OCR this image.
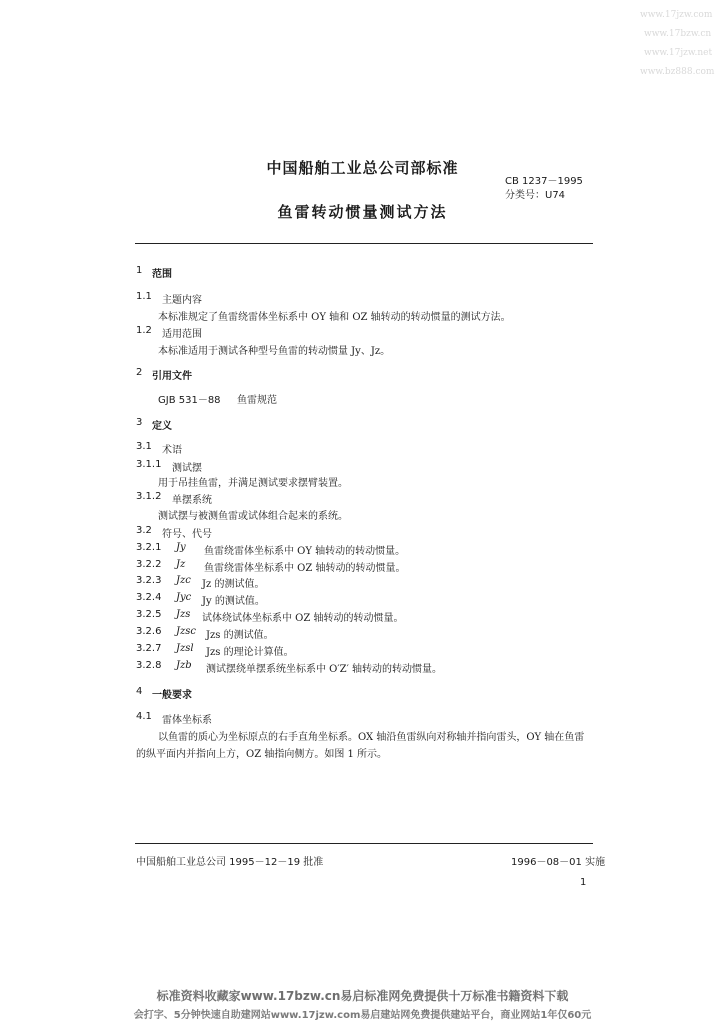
www.17jzw.com
www.17bzw.cn
www.17jzw.net
www.bz888.com
中国船舶工业总公司部标准
CB 1237－1995
分类号：U74
鱼雷转动惯量测试方法
1 范围
1.1 主题内容
本标准规定了鱼雷绕雷体坐标系中 OY 轴和 OZ 轴转动的转动惯量的测试方法。
1.2 适用范围
本标准适用于测试各种型号鱼雷的转动惯量 Jy、Jz。
2 引用文件
GJB 531－88 鱼雷规范
3 定义
3.1 术语
3.1.1 测试摆
用于吊挂鱼雷，并满足测试要求摆臂装置。
3.1.2 单摆系统
测试摆与被测鱼雷或试体组合起来的系统。
3.2 符号、代号
3.2.1 Jy 鱼雷绕雷体坐标系中 OY 轴转动的转动惯量。
3.2.2 Jz 鱼雷绕雷体坐标系中 OZ 轴转动的转动惯量。
3.2.3 Jzc Jz 的测试值。
3.2.4 Jyc Jy 的测试值。
3.2.5 Jzs 试体绕试体坐标系中 OZ 轴转动的转动惯量。
3.2.6 Jzsc Jzs 的测试值。
3.2.7 Jzsl Jzs 的理论计算值。
3.2.8 Jzb 测试摆绕单摆系统坐标系中 O′Z′ 轴转动的转动惯量。
4 一般要求
4.1 雷体坐标系
以鱼雷的质心为坐标原点的右手直角坐标系。OX 轴沿鱼雷纵向对称轴并指向雷头，OY 轴在鱼雷
的纵平面内并指向上方，OZ 轴指向侧方。如图 1 所示。
中国船舶工业总公司 1995－12－19 批准	1996－08－01 实施
1
标准资料收藏家www.17bzw.cn易启标准网免费提供十万标准书籍资料下载
会打字、5分钟快速自助建网站www.17jzw.com易启建站网免费提供建站平台，商业网站1年仅60元
